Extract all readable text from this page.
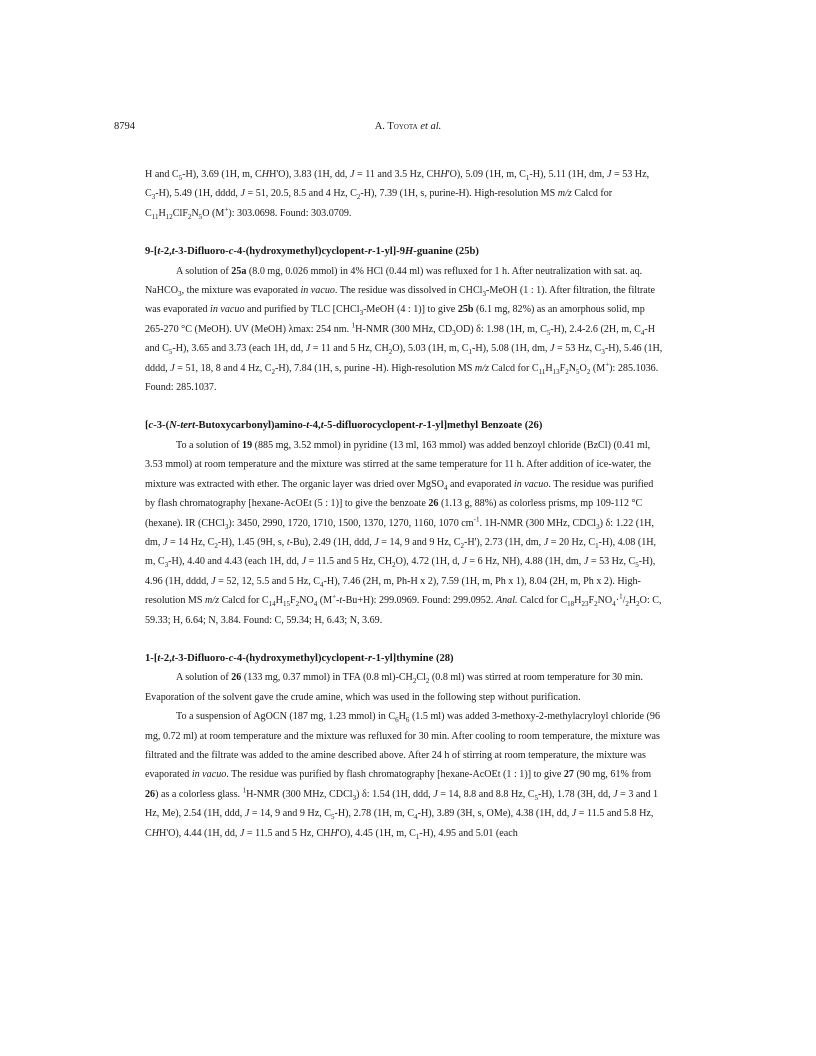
8794	A. Toyota et al.

H and $C_5-H$), 3.69 (1H, m, CHH'O), 3.83 (1H, dd, J = 11 and 3.5 Hz, CHH'O), 5.09 (1H, m, $C_1-H$), 5.11 (1H, dm, J = 53 Hz, $C_3-H$), 5.49 (1H, dddd, J = 51, 20.5, 8.5 and 4 Hz, $C_2-H$), 7.39 (1H, s, purine-H). High-resolution MS m/z Calcd for $C_{11}H_{12}ClF_2N_5O$ (M+): 303.0698. Found: 303.0709.

9-[t-2,t-3-Difluoro-c-4-(hydroxymethyl)cyclopent-r-1-yl]-9H-guanine (25b)

A solution of 25a (8.0 mg, 0.026 mmol) in 4% HCl (0.44 ml) was refluxed for 1 h. After neutralization with sat. aq. NaHCO$_3$, the mixture was evaporated in vacuo. The residue was dissolved in CHCl$_3$-MeOH (1 : 1). After filtration, the filtrate was evaporated in vacuo and purified by TLC [CHCl$_3$-MeOH (4 : 1)] to give 25b (6.1 mg, 82%) as an amorphous solid, mp 265-270 °C (MeOH). UV (MeOH) λmax: 254 nm. $^1$H-NMR (300 MHz, $CD_3OD$) δ: 1.98 (1H, m, $C_5-H$), 2.4-2.6 (2H, m, $C_4-H$ and $C_5-H$), 3.65 and 3.73 (each 1H, dd, J = 11 and 5 Hz, $CH_2O$), 5.03 (1H, m, $C_1-H$), 5.08 (1H, dm, J = 53 Hz, $C_3-H$), 5.46 (1H, dddd, J = 51, 18, 8 and 4 Hz, $C_2-H$), 7.84 (1H, s, purine -H). High-resolution MS m/z Calcd for $C_{11}H_{13}F_2N_5O_2$ (M+): 285.1036. Found: 285.1037.

[c-3-(N-tert-Butoxycarbonyl)amino-t-4,t-5-difluorocyclopent-r-1-yl]methyl Benzoate (26)

To a solution of 19 (885 mg, 3.52 mmol) in pyridine (13 ml, 163 mmol) was added benzoyl chloride (BzCl) (0.41 ml, 3.53 mmol) at room temperature and the mixture was stirred at the same temperature for 11 h. After addition of ice-water, the mixture was extracted with ether. The organic layer was dried over MgSO$_4$ and evaporated in vacuo. The residue was purified by flash chromatography [hexane-AcOEt (5 : 1)] to give the benzoate 26 (1.13 g, 88%) as colorless prisms, mp 109-112 °C (hexane). IR (CHCl$_3$): 3450, 2990, 1720, 1710, 1500, 1370, 1270, 1160, 1070 $cm^{-1}$. 1H-NMR (300 MHz, CDCl$_3$) δ: 1.22 (1H, dm, J = 14 Hz, $C_2-H$), 1.45 (9H, s, t-Bu), 2.49 (1H, ddd, J = 14, 9 and 9 Hz, $C_2-H'$), 2.73 (1H, dm, J = 20 Hz, $C_1-H$), 4.08 (1H, m, $C_3-H$), 4.40 and 4.43 (each 1H, dd, J = 11.5 and 5 Hz, $CH_2O$), 4.72 (1H, d, J = 6 Hz, NH), 4.88 (1H, dm, J = 53 Hz, $C_5-H$), 4.96 (1H, dddd, J = 52, 12, 5.5 and 5 Hz, $C_4-H$), 7.46 (2H, m, Ph-H x 2), 7.59 (1H, m, Ph x 1), 8.04 (2H, m, Ph x 2). High-resolution MS m/z Calcd for $C_{14}H_{15}F_2NO_4$ (M+-t-Bu+H): 299.0969. Found: 299.0952. Anal. Calcd for $C_{18}H_{23}F_2NO_4\cdot^1/_2H_2O$: C, 59.33; H, 6.64; N, 3.84. Found: C, 59.34; H, 6.43; N, 3.69.

1-[t-2,t-3-Difluoro-c-4-(hydroxymethyl)cyclopent-r-1-yl]thymine (28)

A solution of 26 (133 mg, 0.37 mmol) in TFA (0.8 $ml)-CH_2Cl_2$ (0.8 ml) was stirred at room temperature for 30 min. Evaporation of the solvent gave the crude amine, which was used in the following step without purification.

To a suspension of AgOCN (187 mg, 1.23 mmol) in $C_6H_6$ (1.5 ml) was added 3-methoxy-2-methylacryloyl chloride (96 mg, 0.72 ml) at room temperature and the mixture was refluxed for 30 min. After cooling to room temperature, the mixture was filtrated and the filtrate was added to the amine described above. After 24 h of stirring at room temperature, the mixture was evaporated in vacuo. The residue was purified by flash chromatography [hexane-AcOEt (1 : 1)] to give 27 (90 mg, 61% from 26) as a colorless glass. $^1$H-NMR (300 MHz, CDCl$_3$) δ: 1.54 (1H, ddd, J = 14, 8.8 and 8.8 Hz, $C_5-H$), 1.78 (3H, dd, J = 3 and 1 Hz, Me), 2.54 (1H, ddd, J = 14, 9 and 9 Hz, $C_5-H$), 2.78 (1H, m, $C_4-H$), 3.89 (3H, s, OMe), 4.38 (1H, dd, J = 11.5 and 5.8 Hz, CHH'O), 4.44 (1H, dd, J = 11.5 and 5 Hz, CHH'O), 4.45 (1H, m, $C_1-H$), 4.95 and 5.01 (each
